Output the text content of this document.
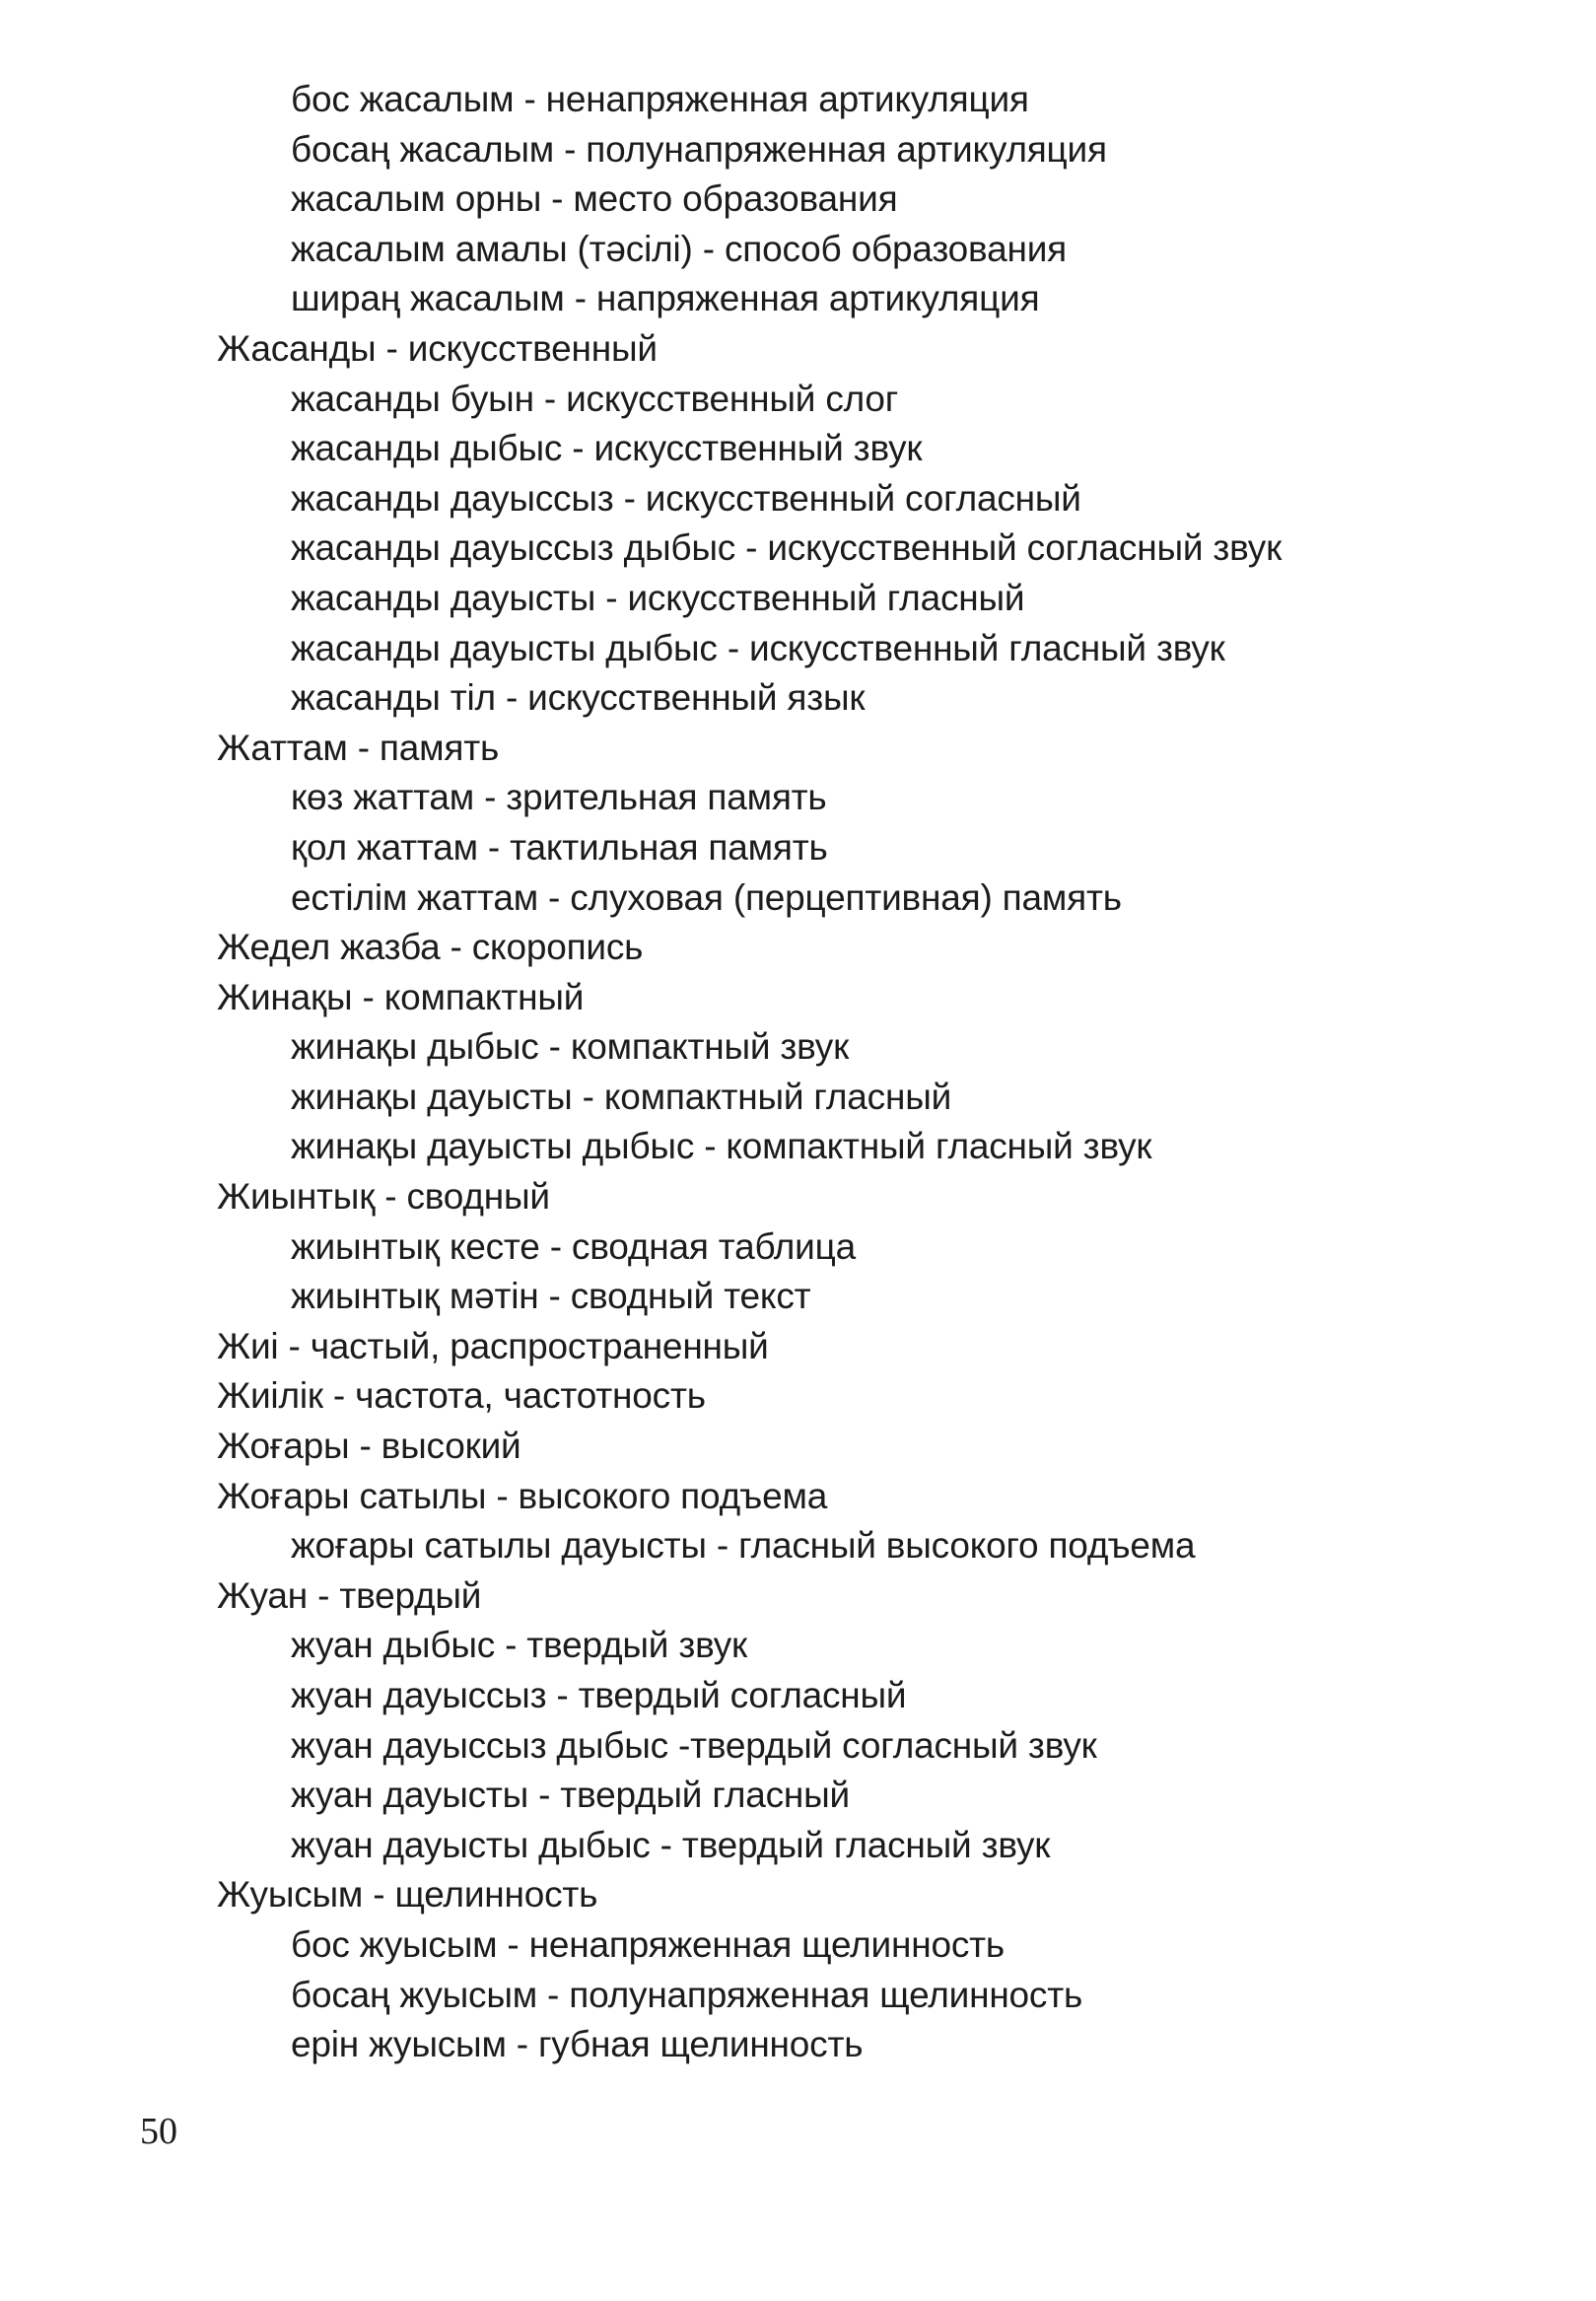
бос жасалым - ненапряженная артикуляция
босаң жасалым - полунапряженная артикуляция
жасалым орны - место образования
жасалым амалы (тәсілі) - способ образования
шираң жасалым - напряженная артикуляция
Жасанды - искусственный
жасанды буын - искусственный слог
жасанды дыбыс - искусственный звук
жасанды дауыссыз - искусственный согласный
жасанды дауыссыз дыбыс - искусственный согласный звук
жасанды дауысты - искусственный гласный
жасанды дауысты дыбыс - искусственный гласный звук
жасанды тіл - искусственный язык
Жаттам - память
көз жаттам - зрительная память
қол жаттам - тактильная память
естілім жаттам - слуховая (перцептивная) память
Жедел жазба - скоропись
Жинақы - компактный
жинақы дыбыс - компактный звук
жинақы дауысты - компактный гласный
жинақы дауысты дыбыс - компактный гласный звук
Жиынтық - сводный
жиынтық кесте - сводная таблица
жиынтық мәтін - сводный текст
Жиі - частый, распространенный
Жиілік - частота, частотность
Жоғары - высокий
Жоғары сатылы - высокого подъема
жоғары сатылы дауысты - гласный высокого подъема
Жуан - твердый
жуан дыбыс - твердый звук
жуан дауыссыз - твердый согласный
жуан дауыссыз дыбыс -твердый согласный звук
жуан дауысты - твердый гласный
жуан дауысты дыбыс - твердый гласный звук
Жуысым - щелинность
бос жуысым - ненапряженная щелинность
босаң жуысым - полунапряженная щелинность
ерін жуысым - губная щелинность
50
